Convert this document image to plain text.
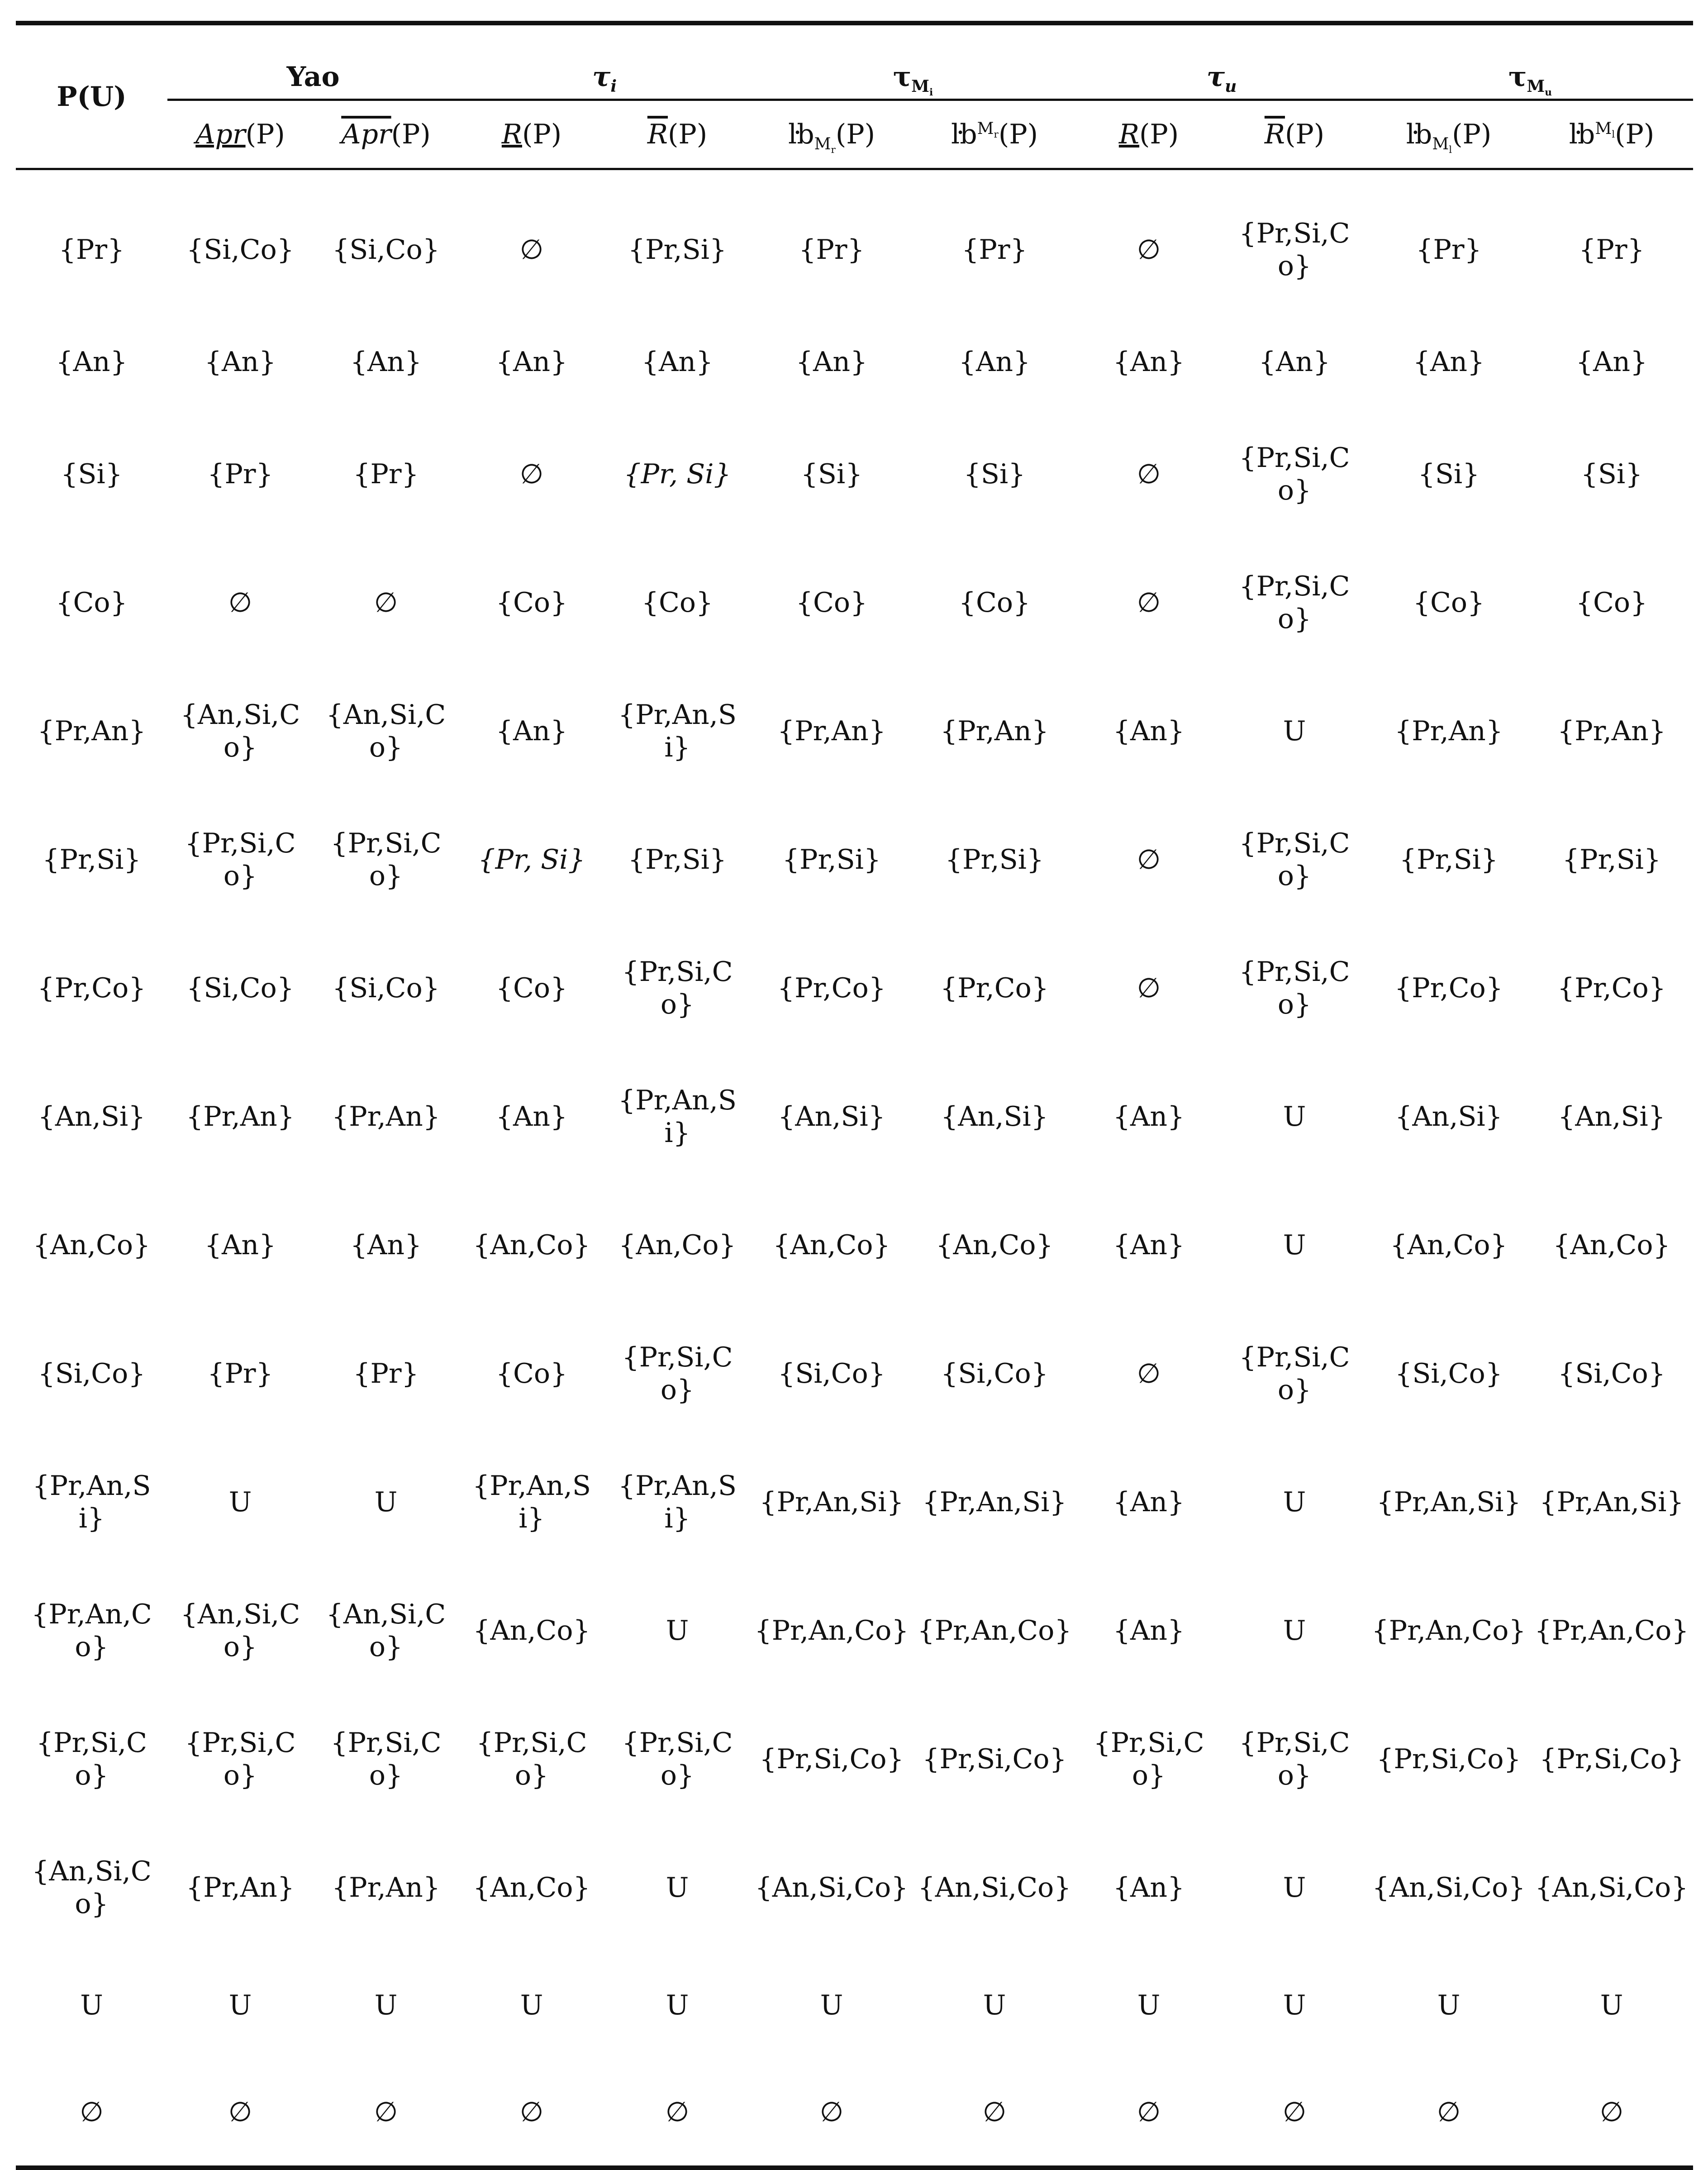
P(U)	Yao		$\tau_i$		$\tau_{M_i}$		$\tau_u$		$\tau_{M_u}$
	Apr(P)	$\overline{Apr}(P)$	R(P)	$\overline{R}(P)$	$ŀb_{M_r}(P)$	$ŀb^{M_r}(P)$	R(P)	$\overline{R}(P)$	$ŀb_{M_l}(P)$	$ŀb^{M_l}(P)$

{Pr}	{Si,Co}	{Si,Co}	∅	{Pr,Si}	{Pr}	{Pr}	∅	{Pr,Si,Co}	{Pr}	{Pr}
{An}	{An}	{An}	{An}	{An}	{An}	{An}	{An}	{An}	{An}	{An}
{Si}	{Pr}	{Pr}	∅	{Pr, Si}	{Si}	{Si}	∅	{Pr,Si,Co}	{Si}	{Si}
{Co}	∅	∅	{Co}	{Co}	{Co}	{Co}	∅	{Pr,Si,Co}	{Co}	{Co}
{Pr,An}	{An,Si,Co}	{An,Si,Co}	{An}	{Pr,An,Si}	{Pr,An}	{Pr,An}	{An}	U	{Pr,An}	{Pr,An}
{Pr,Si}	{Pr,Si,Co}	{Pr,Si,Co}	{Pr, Si}	{Pr,Si}	{Pr,Si}	{Pr,Si}	∅	{Pr,Si,Co}	{Pr,Si}	{Pr,Si}
{Pr,Co}	{Si,Co}	{Si,Co}	{Co}	{Pr,Si,Co}	{Pr,Co}	{Pr,Co}	∅	{Pr,Si,Co}	{Pr,Co}	{Pr,Co}
{An,Si}	{Pr,An}	{Pr,An}	{An}	{Pr,An,Si}	{An,Si}	{An,Si}	{An}	U	{An,Si}	{An,Si}
{An,Co}	{An}	{An}	{An,Co}	{An,Co}	{An,Co}	{An,Co}	{An}	U	{An,Co}	{An,Co}
{Si,Co}	{Pr}	{Pr}	{Co}	{Pr,Si,Co}	{Si,Co}	{Si,Co}	∅	{Pr,Si,Co}	{Si,Co}	{Si,Co}
{Pr,An,Si}	U	U	{Pr,An,Si}	{Pr,An,Si}	{Pr,An,Si}	{Pr,An,Si}	{An}	U	{Pr,An,Si}	{Pr,An,Si}
{Pr,An,Co}	{An,Si,Co}	{An,Si,Co}	{An,Co}	U	{Pr,An,Co}	{Pr,An,Co}	{An}	U	{Pr,An,Co}	{Pr,An,Co}
{Pr,Si,Co}	{Pr,Si,Co}	{Pr,Si,Co}	{Pr,Si,Co}	{Pr,Si,Co}	{Pr,Si,Co}	{Pr,Si,Co}	{Pr,Si,Co}	{Pr,Si,Co}	{Pr,Si,Co}	{Pr,Si,Co}
{An,Si,Co}	{Pr,An}	{Pr,An}	{An,Co}	U	{An,Si,Co}	{An,Si,Co}	{An}	U	{An,Si,Co}	{An,Si,Co}
U	U	U	U	U	U	U	U	U	U	U
∅	∅	∅	∅	∅	∅	∅	∅	∅	∅	∅
